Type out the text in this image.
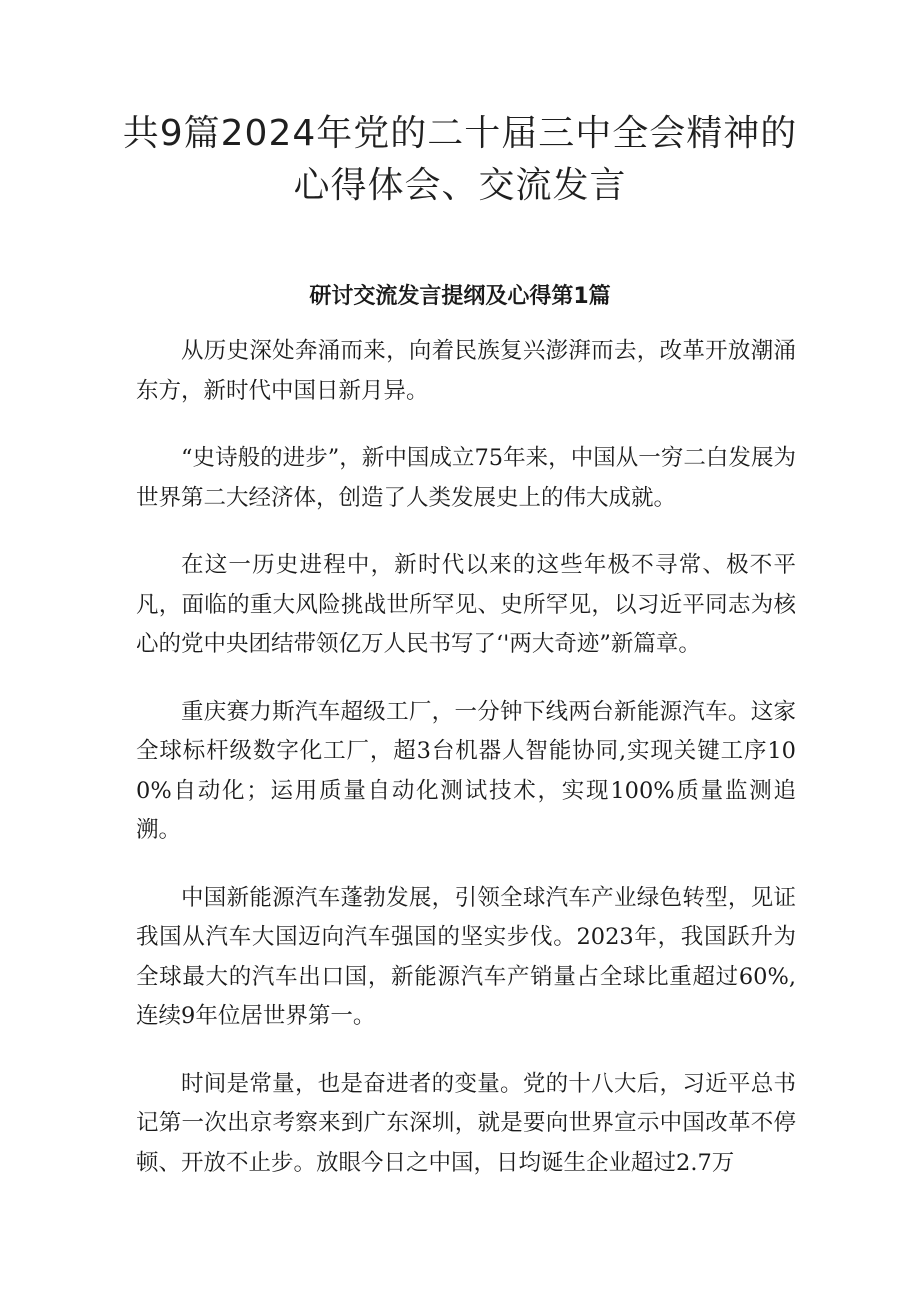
共9篇2024年党的二十届三中全会精神的
心得体会、交流发言
研讨交流发言提纲及心得第1篇

从历史深处奔涌而来，向着民族复兴澎湃而去，改革开放潮涌东方，新时代中国日新月异。

“史诗般的进步”，新中国成立75年来，中国从一穷二白发展为世界第二大经济体，创造了人类发展史上的伟大成就。

在这一历史进程中，新时代以来的这些年极不寻常、极不平凡，面临的重大风险挑战世所罕见、史所罕见，以习近平同志为核心的党中央团结带领亿万人民书写了‘'两大奇迹”新篇章。

重庆赛力斯汽车超级工厂，一分钟下线两台新能源汽车。这家全球标杆级数字化工厂，超3台机器人智能协同,实现关键工序100%自动化；运用质量自动化测试技术，实现100%质量监测追溯。

中国新能源汽车蓬勃发展，引领全球汽车产业绿色转型，见证我国从汽车大国迈向汽车强国的坚实步伐。2023年，我国跃升为全球最大的汽车出口国，新能源汽车产销量占全球比重超过60%,连续9年位居世界第一。

时间是常量，也是奋进者的变量。党的十八大后，习近平总书记第一次出京考察来到广东深圳，就是要向世界宣示中国改革不停顿、开放不止步。放眼今日之中国，日均诞生企业超过2.7万
